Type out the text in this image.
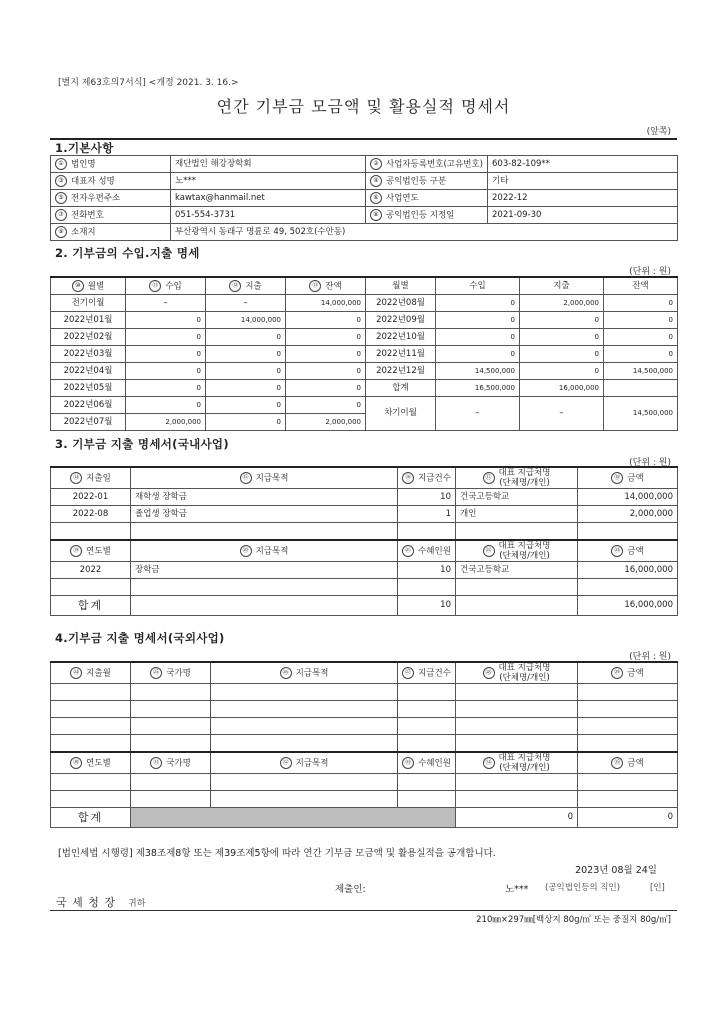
[별지 제63호의7서식] <개정 2021. 3. 16.>
연간 기부금 모금액 및 활용실적 명세서
(앞쪽)
1.기본사항
① 법인명	재단법인 해강장학회	② 사업자등록번호(고유번호)	603-82-109**
③ 대표자 성명	노***	④ 공익법인등 구분	기타
⑤ 전자우편주소	kawtax@hanmail.net	⑥ 사업연도	2022-12
⑦ 전화번호	051-554-3731	⑧ 공익법인등 지정일	2021-09-30
⑨ 소재지	부산광역시 동래구 명륜로 49, 502호(수안동)		
2. 기부금의 수입.지출 명세
(단위 : 원)
⑩ 월별	⑪ 수입	⑫ 지출	⑬ 잔액	월별	수입	지출	잔액
전기이월	–	–	14,000,000	2022년08월	0	2,000,000	0
2022년01월	0	14,000,000	0	2022년09월	0	0	0
2022년02월	0	0	0	2022년10월	0	0	0
2022년03월	0	0	0	2022년11월	0	0	0
2022년04월	0	0	0	2022년12월	14,500,000	0	14,500,000
2022년05월	0	0	0	합계	16,500,000	16,000,000	
2022년06월	0	0	0	차기이월	–	–	14,500,000
2022년07월	2,000,000	0	2,000,000				
3. 기부금 지출 명세서(국내사업)
(단위 : 원)
⑭ 지출일	⑮ 지급목적	⑯ 지급건수	⑰ 대표 지급처명
(단체명/개인)	⑱ 금액
2022-01	재학생 장학금	10	건국고등학교	14,000,000
2022-08	졸업생 장학금	1	개인	2,000,000

⑲ 연도별	⑳ 지급목적	㉑ 수혜인원	㉒ 대표 지급처명
(단체명/개인)	㉓ 금액
2022	장학금	10	건국고등학교	16,000,000

합계		10		16,000,000
4.기부금 지출 명세서(국외사업)
(단위 : 원)
㉔ 지출월	㉕ 국가명	㉖ 지급목적	㉗ 지급건수	㉘ 대표 지급처명
(단체명/개인)	㉙ 금액

㉚ 연도별	㉛ 국가명	㉜ 지급목적	㉝ 수혜인원	㉞ 대표 지급처명
(단체명/개인)	㉟ 금액

합계				0	0
[법인세법 시행령] 제38조제8항 또는 제39조제5항에 따라 연간 기부금 모금액 및 활용실적을 공개합니다.
2023년 08월 24일
제출인:	노*** (공익법인등의 직인)	[인]
국 세 청 장 귀하
210㎜×297㎜[백상지 80g/㎡ 또는 중질지 80g/㎡]
